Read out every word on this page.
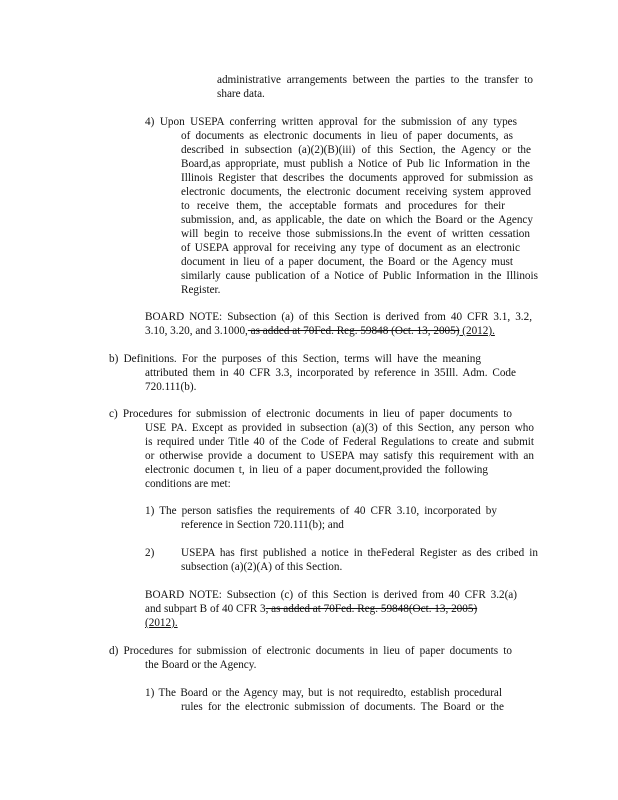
administrative arrangements between the parties to the transfer to
share data.
4) Upon USEPA conferring written approval for the submission of any types
of documents as electronic documents in lieu of paper documents, as
described in subsection (a)(2)(B)(iii) of this Section, the Agency or the
Board,as appropriate, must publish a Notice of Pub lic Information in the
Illinois Register that describes the documents approved for submission as
electronic documents, the electronic document receiving system approved
to receive them, the acceptable formats and procedures for their
submission, and, as applicable, the date on which the Board or the Agency
will begin to receive those submissions.In the event of written cessation
of USEPA approval for receiving any type of document as an electronic
document in lieu of a paper document, the Board or the Agency must
similarly cause publication of a Notice of Public Information in the Illinois
Register.
BOARD NOTE: Subsection (a) of this Section is derived from 40 CFR 3.1, 3.2,
3.10, 3.20, and 3.1000, as added at 70Fed. Reg. 59848 (Oct. 13, 2005) (2012).
b) Definitions. For the purposes of this Section, terms will have the meaning
attributed them in 40 CFR 3.3, incorporated by reference in 35Ill. Adm. Code
720.111(b).
c) Procedures for submission of electronic documents in lieu of paper documents to
USE PA. Except as provided in subsection (a)(3) of this Section, any person who
is required under Title 40 of the Code of Federal Regulations to create and submit
or otherwise provide a document to USEPA may satisfy this requirement with an
electronic documen t, in lieu of a paper document,provided the following
conditions are met:
1) The person satisfies the requirements of 40 CFR 3.10, incorporated by
reference in Section 720.111(b); and
2) USEPA has first published a notice in theFederal Register as des cribed in
subsection (a)(2)(A) of this Section.
BOARD NOTE: Subsection (c) of this Section is derived from 40 CFR 3.2(a)
and subpart B of 40 CFR 3, as added at 70Fed. Reg. 59848(Oct. 13, 2005)
(2012).
d) Procedures for submission of electronic documents in lieu of paper documents to
the Board or the Agency.
1) The Board or the Agency may, but is not requiredto, establish procedural
rules for the electronic submission of documents. The Board or the
